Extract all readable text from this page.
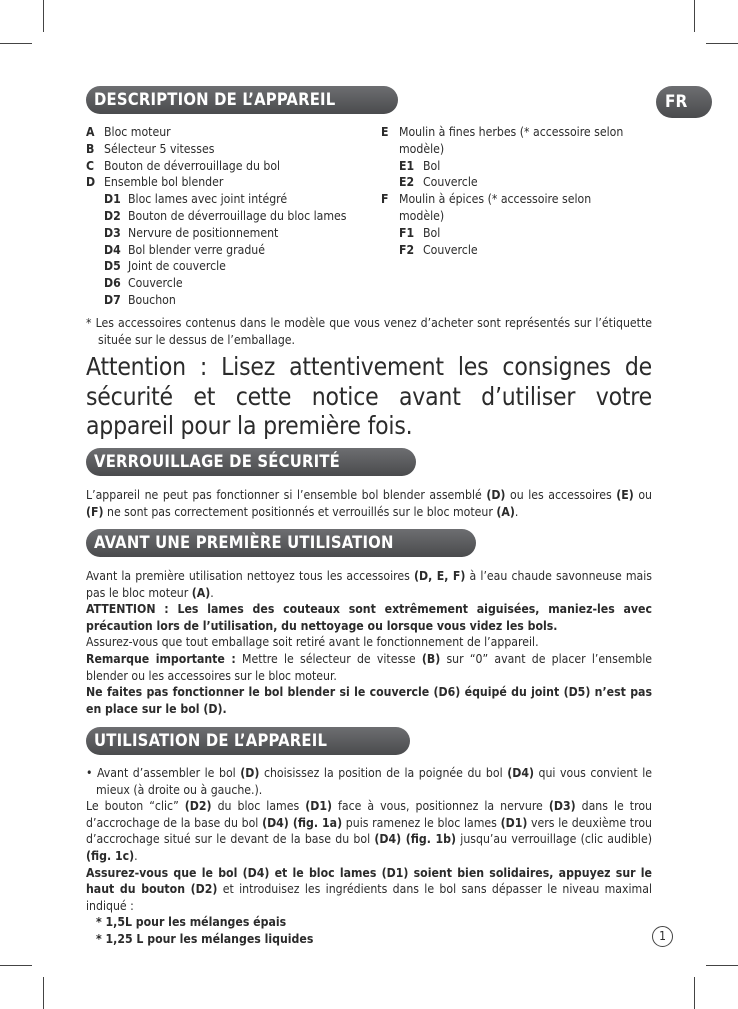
FR
DESCRIPTION DE L’APPAREIL
A Bloc moteur
B Sélecteur 5 vitesses
C Bouton de déverrouillage du bol
D Ensemble bol blender
D1 Bloc lames avec joint intégré
D2 Bouton de déverrouillage du bloc lames
D3 Nervure de positionnement
D4 Bol blender verre gradué
D5 Joint de couvercle
D6 Couvercle
D7 Bouchon
E Moulin à fines herbes (* accessoire selon
modèle)
E1 Bol
E2 Couvercle
F Moulin à épices (* accessoire selon
modèle)
F1 Bol
F2 Couvercle

* Les accessoires contenus dans le modèle que vous venez d’acheter sont représentés sur l’étiquette située sur le dessus de l’emballage.

Attention : Lisez attentivement les consignes de sécurité et cette notice avant d’utiliser votre appareil pour la première fois.
VERROUILLAGE DE SÉCURITÉ

L’appareil ne peut pas fonctionner si l’ensemble bol blender assemblé (D) ou les accessoires (E) ou (F) ne sont pas correctement positionnés et verrouillés sur le bloc moteur (A).

AVANT UNE PREMIÈRE UTILISATION

Avant la première utilisation nettoyez tous les accessoires (D, E, F) à l’eau chaude savonneuse mais pas le bloc moteur (A).

ATTENTION : Les lames des couteaux sont extrêmement aiguisées, maniez-les avec précaution lors de l’utilisation, du nettoyage ou lorsque vous videz les bols.

Assurez-vous que tout emballage soit retiré avant le fonctionnement de l’appareil.

Remarque importante : Mettre le sélecteur de vitesse (B) sur “0” avant de placer l’ensemble blender ou les accessoires sur le bloc moteur.

Ne faites pas fonctionner le bol blender si le couvercle (D6) équipé du joint (D5) n’est pas en place sur le bol (D).

UTILISATION DE L’APPAREIL

• Avant d’assembler le bol (D) choisissez la position de la poignée du bol (D4) qui vous convient le mieux (à droite ou à gauche.).

Le bouton “clic” (D2) du bloc lames (D1) face à vous, positionnez la nervure (D3) dans le trou d’accrochage de la base du bol (D4) (fig. 1a) puis ramenez le bloc lames (D1) vers le deuxième trou d’accrochage situé sur le devant de la base du bol (D4) (fig. 1b) jusqu’au verrouillage (clic audible) (fig. 1c).

Assurez-vous que le bol (D4) et le bloc lames (D1) soient bien solidaires, appuyez sur le haut du bouton (D2) et introduisez les ingrédients dans le bol sans dépasser le niveau maximal indiqué :

* 1,5L pour les mélanges épais

* 1,25 L pour les mélanges liquides	1
